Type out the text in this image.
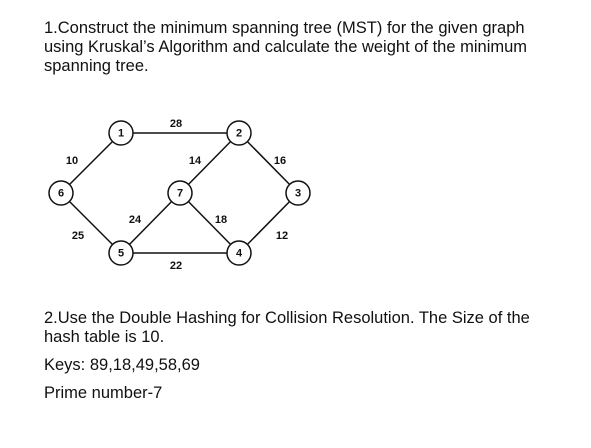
1.Construct the minimum spanning tree (MST) for the given graph using Kruskal’s Algorithm and calculate the weight of the minimum spanning tree.

28
10	14	16
25
24	18
12
22
1	2
3
4
5
6	7

2.Use the Double Hashing for Collision Resolution. The Size of the hash table is 10.

Keys: 89,18,49,58,69

Prime number-7
